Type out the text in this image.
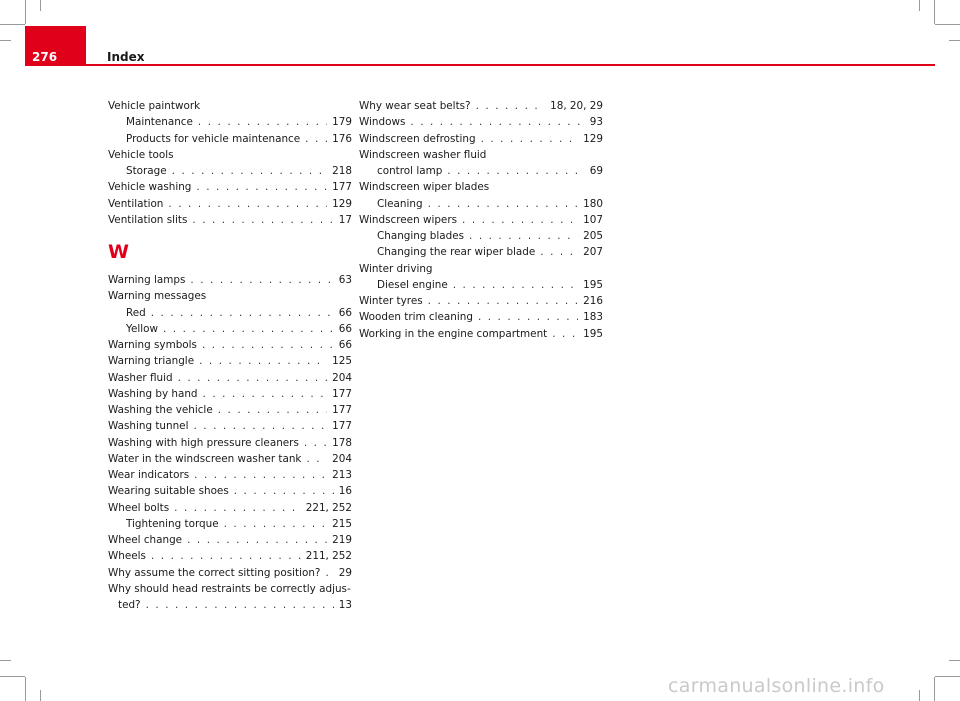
276	Index
Vehicle paintwork
Maintenance . . .	179
Products for vehicle maintenance . . .	176
Vehicle tools
Storage . . .	218
Vehicle washing . . .	177
Ventilation . . .	129
Ventilation slits . . .	17
W
Warning lamps . . .	63
Warning messages
Red . . .	66
Yellow . . .	66
Warning symbols . . .	66
Warning triangle . . .	125
Washer fluid . . .	204
Washing by hand . . .	177
Washing the vehicle . . .	177
Washing tunnel . . .	177
Washing with high pressure cleaners . . .	178
Water in the windscreen washer tank . . .	204
Wear indicators . . .	213
Wearing suitable shoes . . .	16
Wheel bolts . . .	221, 252
Tightening torque . . .	215
Wheel change . . .	219
Wheels . . .	211, 252
Why assume the correct sitting position? . . . 29
Why should head restraints be correctly adjus-
ted? . . .	13
Why wear seat belts? . . .	18, 20, 29
Windows . . .	93
Windscreen defrosting . . .	129
Windscreen washer fluid
control lamp . . .	69
Windscreen wiper blades
Cleaning . . .	180
Windscreen wipers . . .	107
Changing blades . . .	205
Changing the rear wiper blade . . .	207
Winter driving
Diesel engine . . .	195
Winter tyres . . .	216
Wooden trim cleaning . . .	183
Working in the engine compartment . . .	195
carmanualsonline.info
